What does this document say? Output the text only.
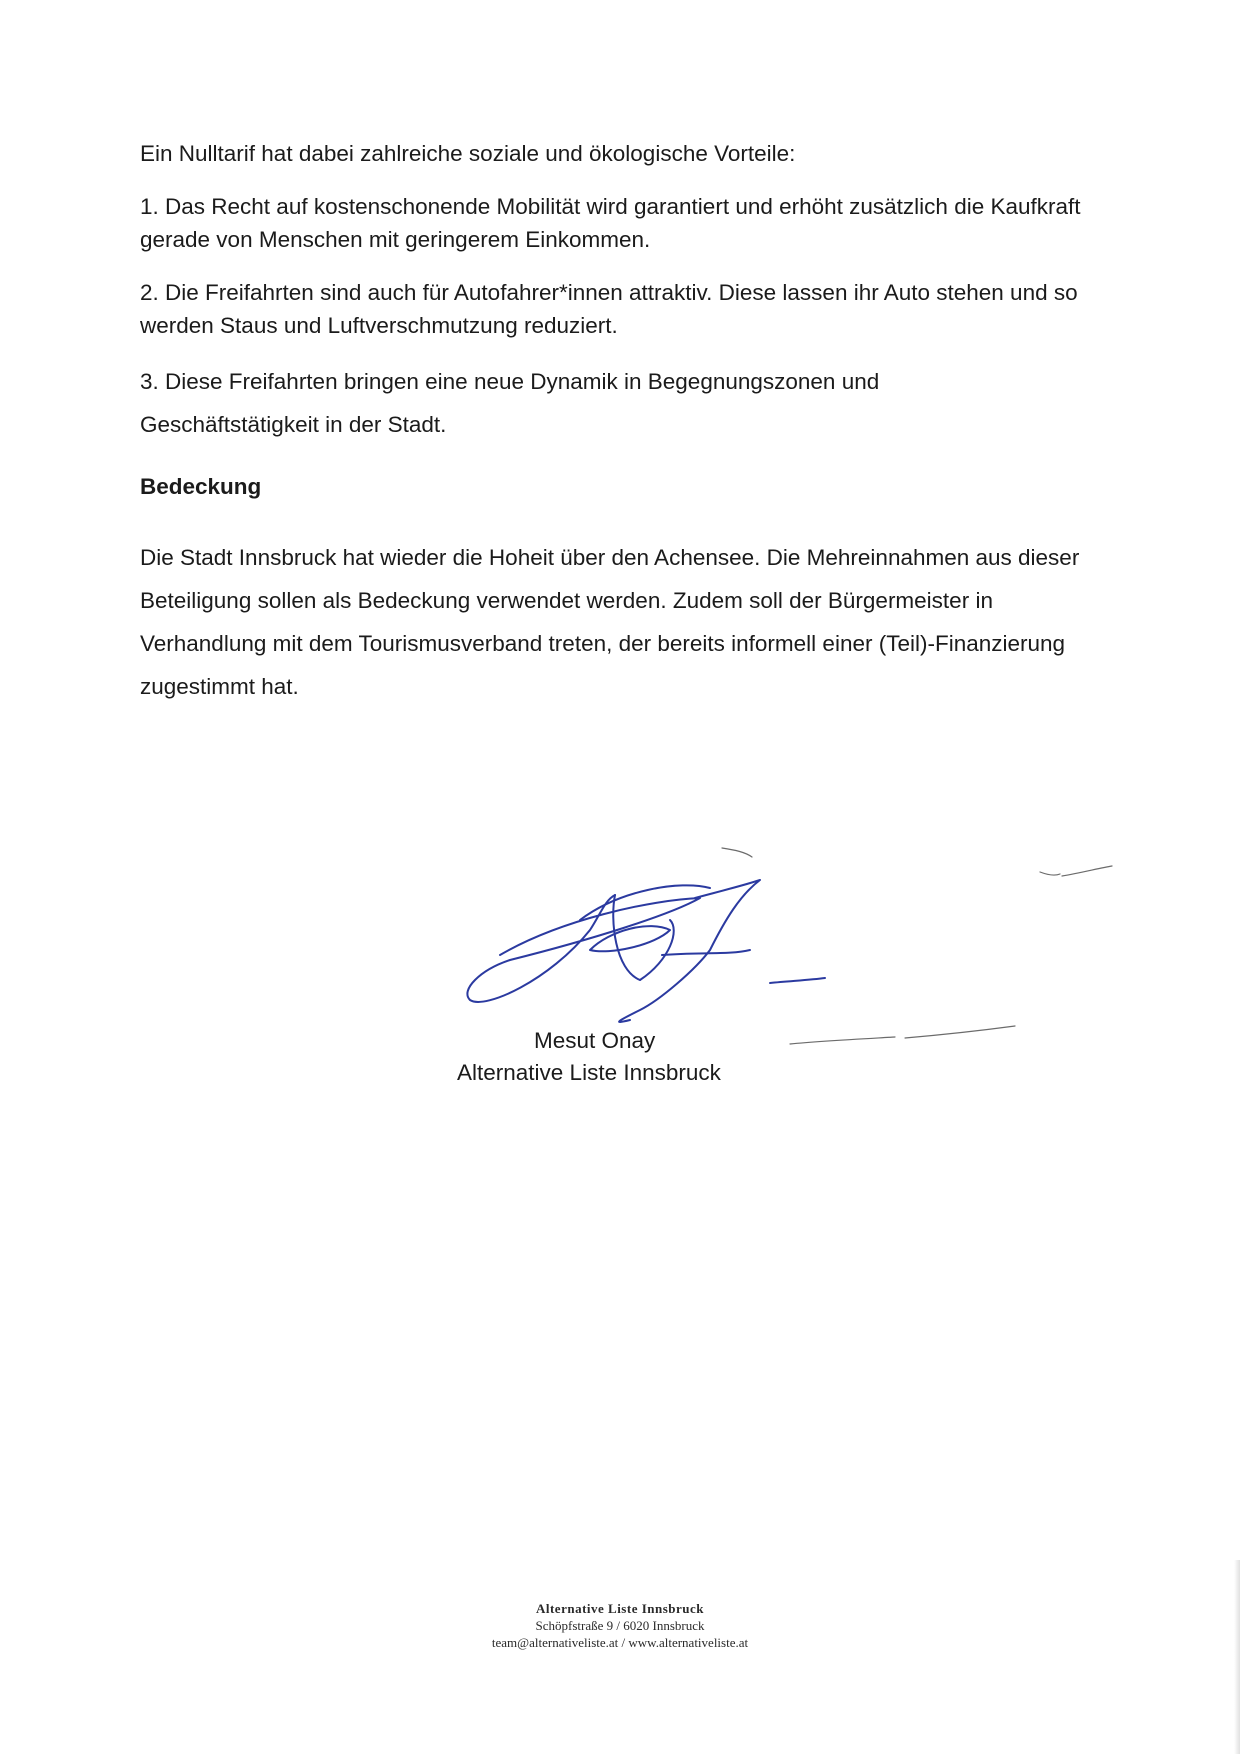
Ein Nulltarif hat dabei zahlreiche soziale und ökologische Vorteile:

1. Das Recht auf kostenschonende Mobilität wird garantiert und erhöht zusätzlich die Kaufkraft gerade von Menschen mit geringerem Einkommen.

2. Die Freifahrten sind auch für Autofahrer*innen attraktiv. Diese lassen ihr Auto stehen und so werden Staus und Luftverschmutzung reduziert.

3. Diese Freifahrten bringen eine neue Dynamik in Begegnungszonen und Geschäftstätigkeit in der Stadt.

Bedeckung

Die Stadt Innsbruck hat wieder die Hoheit über den Achensee. Die Mehreinnahmen aus dieser Beteiligung sollen als Bedeckung verwendet werden. Zudem soll der Bürgermeister in Verhandlung mit dem Tourismusverband treten, der bereits informell einer (Teil)-Finanzierung zugestimmt hat.

Mesut Onay
Alternative Liste Innsbruck
Alternative Liste Innsbruck
Schöpfstraße 9 / 6020 Innsbruck
team@alternativeliste.at / www.alternativeliste.at
